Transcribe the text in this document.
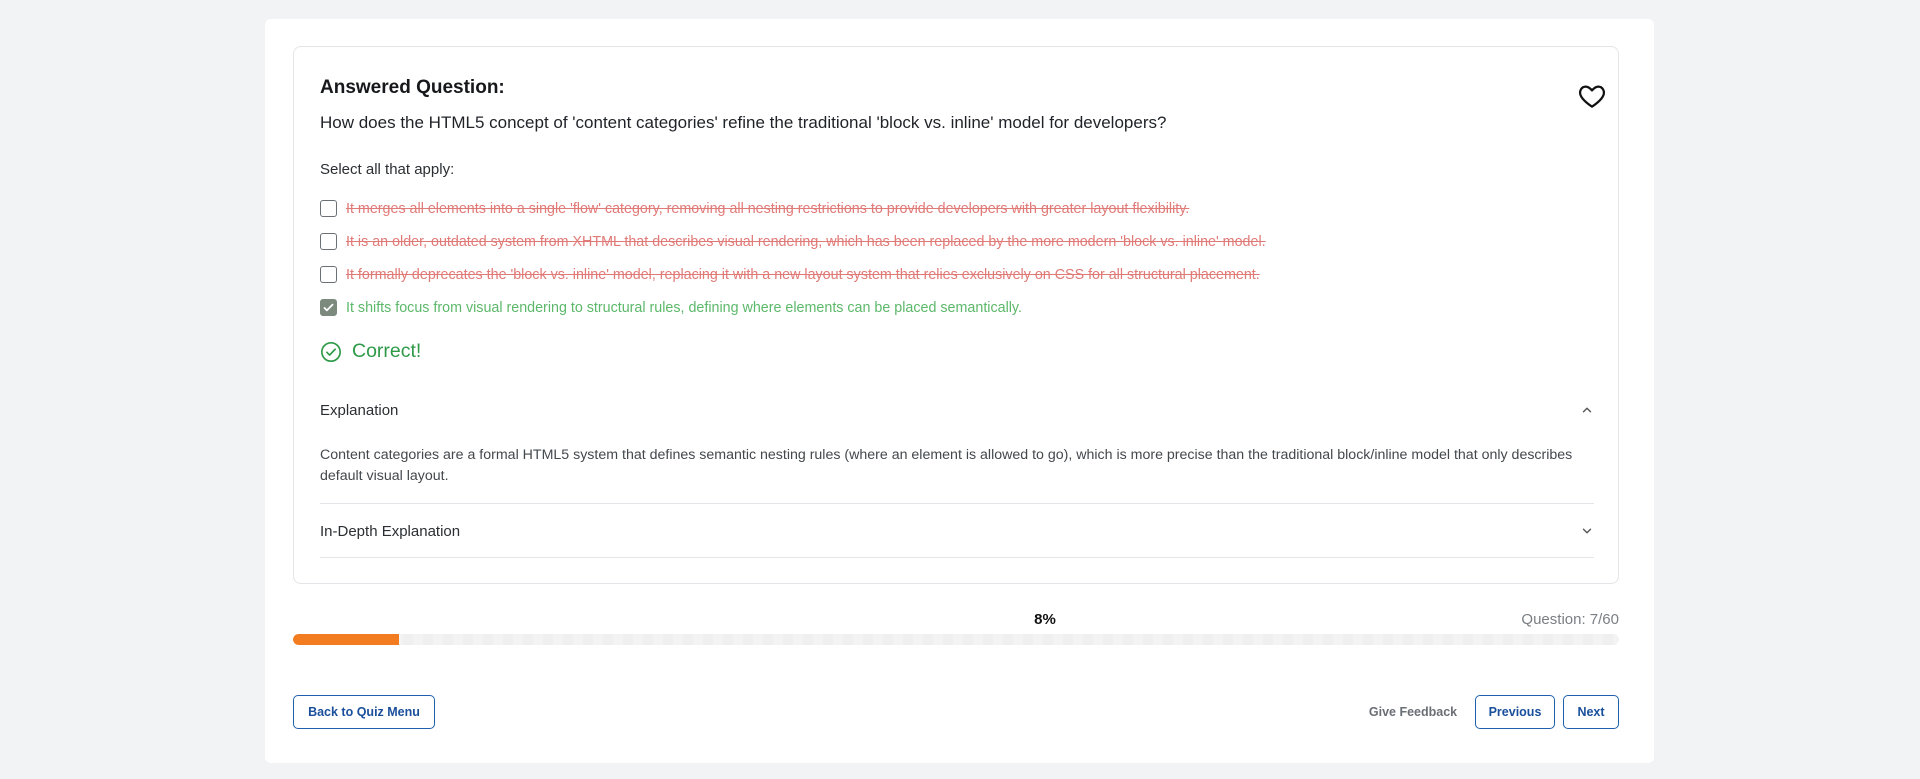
Answered Question:
How does the HTML5 concept of 'content categories' refine the traditional 'block vs. inline' model for developers?
Select all that apply:
It merges all elements into a single 'flow' category, removing all nesting restrictions to provide developers with greater layout flexibility.
It is an older, outdated system from XHTML that describes visual rendering, which has been replaced by the more modern 'block vs. inline' model.
It formally deprecates the 'block vs. inline' model, replacing it with a new layout system that relies exclusively on CSS for all structural placement.
It shifts focus from visual rendering to structural rules, defining where elements can be placed semantically.
Correct!
Explanation
Content categories are a formal HTML5 system that defines semantic nesting rules (where an element is allowed to go), which is more precise than the traditional block/inline model that only describes default visual layout.
In-Depth Explanation
8%	Question: 7/60
Back to Quiz Menu	Give Feedback	Previous	Next
